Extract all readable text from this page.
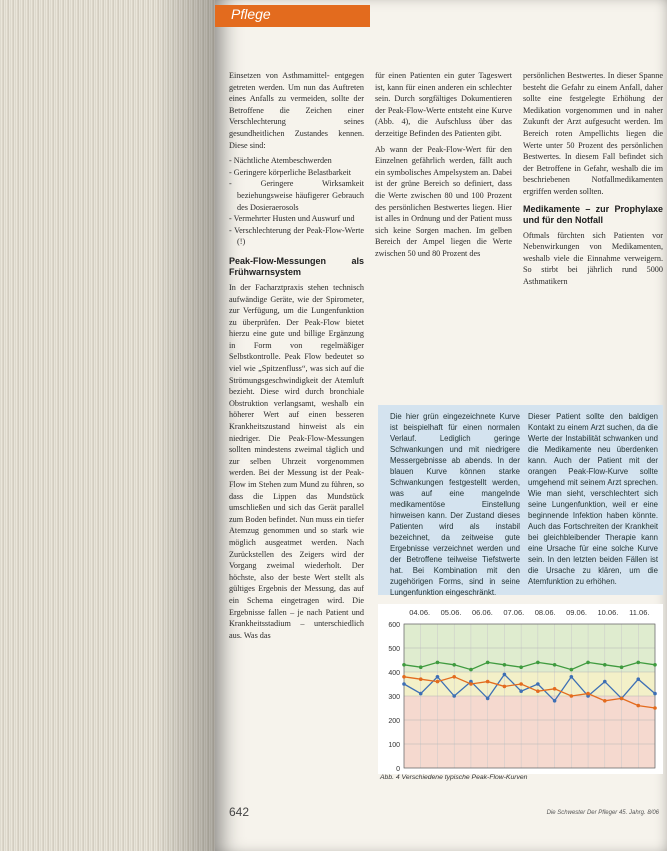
Pflege

Einsetzen von Asthmamittel- entgegen getreten werden. Um nun das Auftreten eines Anfalls zu vermeiden, sollte der Betroffene die Zeichen einer Verschlechterung seines gesundheitlichen Zustandes kennen. Diese sind:

- Nächtliche Atembeschwerden
- Geringere körperliche Belastbarkeit
- Geringere Wirksamkeit beziehungsweise häufigerer Gebrauch des Dosieraerosols
- Vermehrter Husten und Auswurf und
- Verschlechterung der Peak-Flow-Werte (!)
Peak-Flow-Messungen als Frühwarnsystem

In der Facharztpraxis stehen technisch aufwändige Geräte, wie der Spirometer, zur Verfügung, um die Lungenfunktion zu überprüfen. Der Peak-Flow bietet hierzu eine gute und billige Ergänzung in Form von regelmäßiger Selbstkontrolle. Peak Flow bedeutet so viel wie „Spitzenfluss“, was sich auf die Strömungsgeschwindigkeit der Atemluft bezieht. Diese wird durch bronchiale Obstruktion verlangsamt, weshalb ein höherer Wert auf einen besseren Krankheitszustand hinweist als ein niedriger. Die Peak-Flow-Messungen sollten mindestens zweimal täglich und zur selben Uhrzeit vorgenommen werden. Bei der Messung ist der Peak-Flow im Stehen zum Mund zu führen, so dass die Lippen das Mundstück umschließen und sich das Gerät parallel zum Boden befindet. Nun muss ein tiefer Atemzug genommen und so stark wie möglich ausgeatmet werden. Nach Zurückstellen des Zeigers wird der Vorgang zweimal wiederholt. Der höchste, also der beste Wert stellt als gültiges Ergebnis der Messung, das auf ein Schema eingetragen wird. Die Ergebnisse fallen – je nach Patient und Krankheitsstadium – unterschiedlich aus. Was das

für einen Patienten ein guter Tageswert ist, kann für einen anderen ein schlechter sein. Durch sorgfältiges Dokumentieren der Peak-Flow-Werte entsteht eine Kurve (Abb. 4), die Aufschluss über das derzeitige Befinden des Patienten gibt.

Ab wann der Peak-Flow-Wert für den Einzelnen gefährlich werden, fällt auch ein symbolisches Ampelsystem an. Dabei ist der grüne Bereich so definiert, dass die Werte zwischen 80 und 100 Prozent des persönlichen Bestwertes liegen. Hier ist alles in Ordnung und der Patient muss sich keine Sorgen machen. Im gelben Bereich der Ampel liegen die Werte zwischen 50 und 80 Prozent des

persönlichen Bestwertes. In dieser Spanne besteht die Gefahr zu einem Anfall, daher sollte eine festgelegte Erhöhung der Medikation vorgenommen und in naher Zukunft der Arzt aufgesucht werden. Im Bereich roten Ampellichts liegen die Werte unter 50 Prozent des persönlichen Bestwertes. In diesem Fall befindet sich der Betroffene in Gefahr, weshalb die im beschriebenen Notfallmedikamenten ergriffen werden sollten.

Medikamente – zur Prophylaxe und für den Notfall

Oftmals fürchten sich Patienten vor Nebenwirkungen von Medikamenten, weshalb viele die Einnahme verweigern. So stirbt bei jährlich rund 5000 Asthmatikern

Die hier grün eingezeichnete Kurve ist beispielhaft für einen normalen Verlauf. Lediglich geringe Schwankungen und mit niedrigere Messergebnisse ab abends. In der blauen Kurve können starke Schwankungen festgestellt werden, was auf eine mangelnde medikamentöse Einstellung hinweisen kann. Der Zustand dieses Patienten wird als instabil bezeichnet, da zeitweise gute Ergebnisse verzeichnet werden und der Betroffene teilweise Tiefstwerte hat. Bei Kombination mit den zugehörigen Forms, sind in seine Lungenfunktion eingeschränkt.
Dieser Patient sollte den baldigen Kontakt zu einem Arzt suchen, da die Werte der Instabilität schwanken und die Medikamente neu überdenken kann. Auch der Patient mit der orangen Peak-Flow-Kurve sollte umgehend mit seinem Arzt sprechen. Wie man sieht, verschlechtert sich seine Lungenfunktion, weil er eine beginnende Infektion haben könnte. Auch das Fortschreiten der Krankheit bei gleichbleibender Therapie kann eine Ursache für eine solche Kurve sein. In den letzten beiden Fällen ist die Ursache zu klären, um die Atemfunktion zu erhöhen.
0
100
200
300
400
500
600
04.06. 05.06. 06.06. 07.06. 08.06. 09.06. 10.06. 11.06.
Abb. 4 Verschiedene typische Peak-Flow-Kurven
642	Die Schwester Der Pfleger 45. Jahrg. 8/06
